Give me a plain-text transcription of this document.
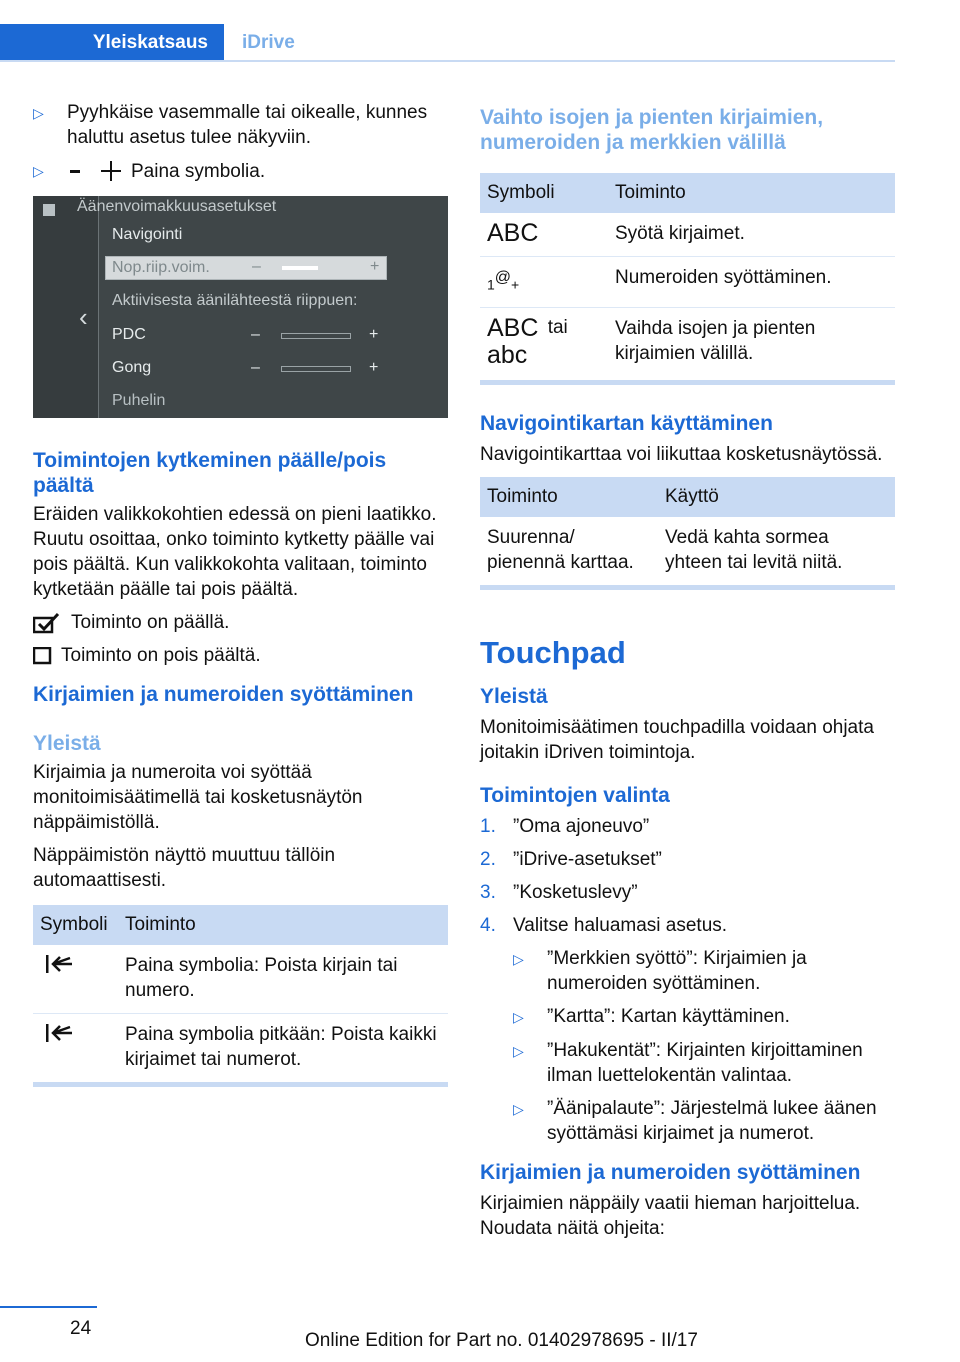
Yleiskatsaus	iDrive
▷	Pyyhkäise vasemmalle tai oikealle, kunnes haluttu asetus tulee näkyviin.
▷	Paina symbolia.
‹
Äänenvoimakkuusasetukset
Navigointi
Nop.riip.voim.	–	+
Aktiivisesta äänilähteestä riippuen:
PDC	–	+
Gong	–	+
Puhelin
Toimintojen kytkeminen päälle/pois päältä
Eräiden valikkokohtien edessä on pieni laatikko. Ruutu osoittaa, onko toiminto kytketty päälle vai pois päältä. Kun valikkokohta valitaan, toiminto kytketään päälle tai pois päältä.
Toiminto on päällä.
Toiminto on pois päältä.
Kirjaimien ja numeroiden syöttäminen
Yleistä
Kirjaimia ja numeroita voi syöttää monitoimisäätimellä tai kosketusnäytön näppäimistöllä.
Näppäimistön näyttö muuttuu tällöin automaattisesti.
Symboli	Toiminto
	Paina symbolia: Poista kirjain tai numero.
	Paina symbolia pitkään: Poista kaikki kirjaimet tai numerot.
Vaihto isojen ja pienten kirjaimien, numeroiden ja merkkien välillä
Symboli	Toiminto
ABC	Syötä kirjaimet.
1@+	Numeroiden syöttäminen.
ABC tai
abc	Vaihda isojen ja pienten kirjaimien välillä.
Navigointikartan käyttäminen
Navigointikarttaa voi liikuttaa kosketusnäytössä.
Toiminto	Käyttö
Suurenna/ pienennä karttaa.	Vedä kahta sormea yhteen tai levitä niitä.
Touchpad
Yleistä
Monitoimisäätimen touchpadilla voidaan ohjata joitakin iDriven toimintoja.
Toimintojen valinta
1. ”Oma ajoneuvo”
2. ”iDrive-asetukset”
3. ”Kosketuslevy”
4. Valitse haluamasi asetus.
▷	”Merkkien syöttö”: Kirjaimien ja numeroiden syöttäminen.
▷	”Kartta”: Kartan käyttäminen.
▷	”Hakukentät”: Kirjainten kirjoittaminen ilman luettelokentän valintaa.
▷	”Äänipalaute”: Järjestelmä lukee äänen syöttämäsi kirjaimet ja numerot.
Kirjaimien ja numeroiden syöttäminen
Kirjaimien näppäily vaatii hieman harjoittelua. Noudata näitä ohjeita:
24
Online Edition for Part no. 01402978695 - II/17
